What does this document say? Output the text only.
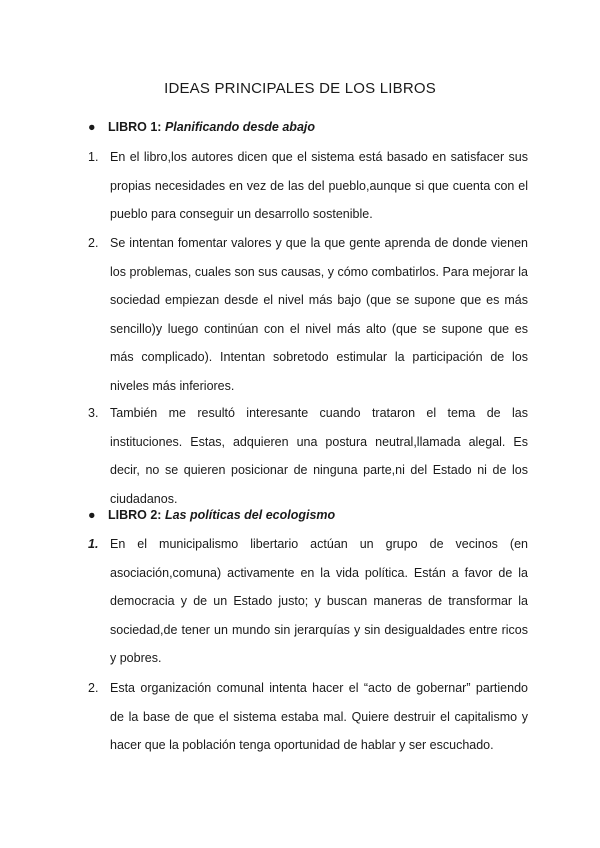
IDEAS PRINCIPALES DE LOS LIBROS
● LIBRO 1: Planificando desde abajo
1. En el libro,los autores dicen que el sistema está basado en satisfacer sus propias necesidades en vez de las del pueblo,aunque si que cuenta con el pueblo para conseguir un desarrollo sostenible.
2. Se intentan fomentar valores y que la que gente aprenda de donde vienen los problemas, cuales son sus causas, y cómo combatirlos. Para mejorar la sociedad empiezan desde el nivel más bajo (que se supone que es más sencillo)y luego continúan con el nivel más alto (que se supone que es más complicado). Intentan sobretodo estimular la participación de los niveles más inferiores.
3. También me resultó interesante cuando trataron el tema de las instituciones. Estas, adquieren una postura neutral,llamada alegal. Es decir, no se quieren posicionar de ninguna parte,ni del Estado ni de los ciudadanos.
● LIBRO 2: Las políticas del ecologismo
1. En el municipalismo libertario actúan un grupo de vecinos (en asociación,comuna) activamente en la vida política. Están a favor de la democracia y de un Estado justo; y buscan maneras de transformar la sociedad,de tener un mundo sin jerarquías y sin desigualdades entre ricos y pobres.
2. Esta organización comunal intenta hacer el “acto de gobernar” partiendo de la base de que el sistema estaba mal. Quiere destruir el capitalismo y hacer que la población tenga oportunidad de hablar y ser escuchado.
